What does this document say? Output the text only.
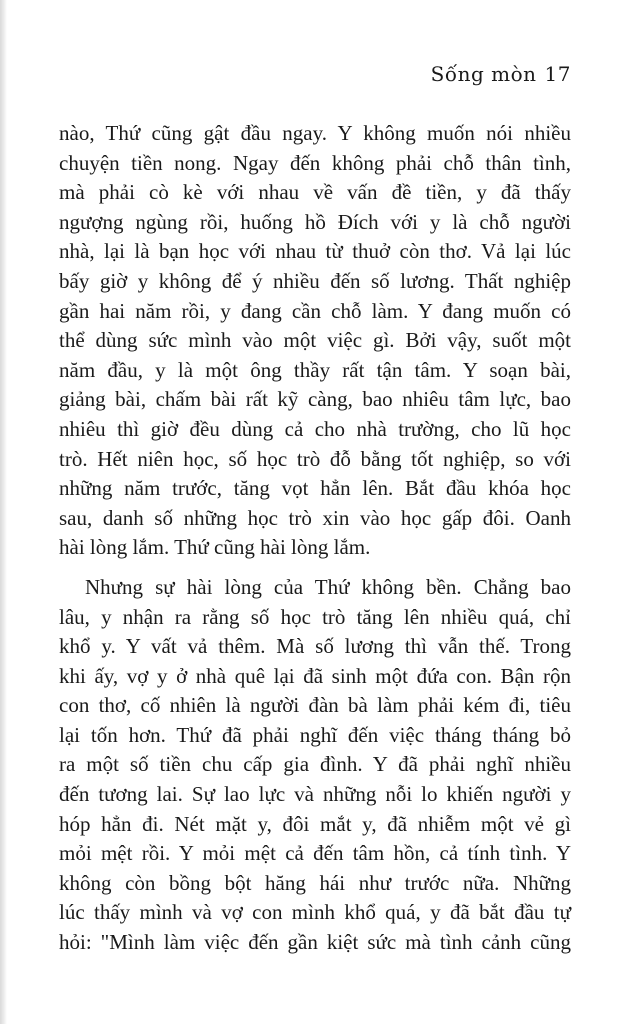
Sống mòn 17
nào, Thứ cũng gật đầu ngay. Y không muốn nói nhiều
chuyện tiền nong. Ngay đến không phải chỗ thân tình,
mà phải cò kè với nhau về vấn đề tiền, y đã thấy
ngượng ngùng rồi, huống hồ Đích với y là chỗ người
nhà, lại là bạn học với nhau từ thuở còn thơ. Vả lại lúc
bấy giờ y không để ý nhiều đến số lương. Thất nghiệp
gần hai năm rồi, y đang cần chỗ làm. Y đang muốn có
thể dùng sức mình vào một việc gì. Bởi vậy, suốt một
năm đầu, y là một ông thầy rất tận tâm. Y soạn bài,
giảng bài, chấm bài rất kỹ càng, bao nhiêu tâm lực, bao
nhiêu thì giờ đều dùng cả cho nhà trường, cho lũ học
trò. Hết niên học, số học trò đỗ bằng tốt nghiệp, so với
những năm trước, tăng vọt hẳn lên. Bắt đầu khóa học
sau, danh số những học trò xin vào học gấp đôi. Oanh
hài lòng lắm. Thứ cũng hài lòng lắm.
Nhưng sự hài lòng của Thứ không bền. Chẳng bao
lâu, y nhận ra rằng số học trò tăng lên nhiều quá, chỉ
khổ y. Y vất vả thêm. Mà số lương thì vẫn thế. Trong
khi ấy, vợ y ở nhà quê lại đã sinh một đứa con. Bận rộn
con thơ, cố nhiên là người đàn bà làm phải kém đi, tiêu
lại tốn hơn. Thứ đã phải nghĩ đến việc tháng tháng bỏ
ra một số tiền chu cấp gia đình. Y đã phải nghĩ nhiều
đến tương lai. Sự lao lực và những nỗi lo khiến người y
hóp hẳn đi. Nét mặt y, đôi mắt y, đã nhiễm một vẻ gì
mỏi mệt rồi. Y mỏi mệt cả đến tâm hồn, cả tính tình. Y
không còn bồng bột hăng hái như trước nữa. Những
lúc thấy mình và vợ con mình khổ quá, y đã bắt đầu tự
hỏi: "Mình làm việc đến gần kiệt sức mà tình cảnh cũng
